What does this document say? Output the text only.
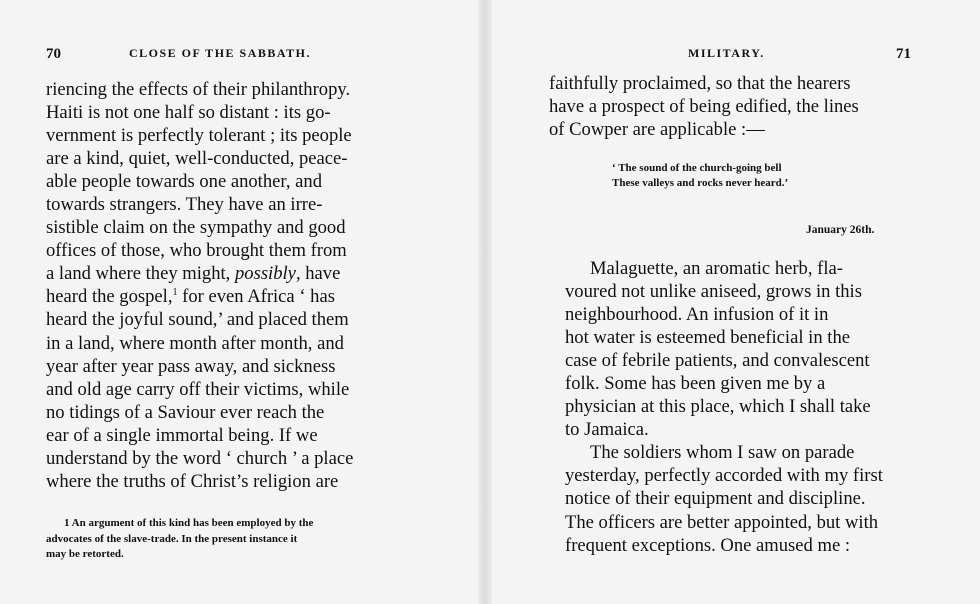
70	CLOSE OF THE SABBATH.
riencing the effects of their philanthropy.
Haiti is not one half so distant : its go-
vernment is perfectly tolerant ; its people
are a kind, quiet, well-conducted, peace-
able people towards one another, and
towards strangers. They have an irre-
sistible claim on the sympathy and good
offices of those, who brought them from
a land where they might, possibly, have
heard the gospel,$^1$ for even Africa ‘ has
heard the joyful sound,’ and placed them
in a land, where month after month, and
year after year pass away, and sickness
and old age carry off their victims, while
no tidings of a Saviour ever reach the
ear of a single immortal being. If we
understand by the word ‘ church ’ a place
where the truths of Christ’s religion are
1 An argument of this kind has been employed by the
advocates of the slave-trade. In the present instance it
may be retorted.
MILITARY.	71
faithfully proclaimed, so that the hearers
have a prospect of being edified, the lines
of Cowper are applicable :—
‘ The sound of the church-going bell
These valleys and rocks never heard.’
January 26th.
Malaguette, an aromatic herb, fla-
voured not unlike aniseed, grows in this
neighbourhood. An infusion of it in
hot water is esteemed beneficial in the
case of febrile patients, and convalescent
folk. Some has been given me by a
physician at this place, which I shall take
to Jamaica.
The soldiers whom I saw on parade
yesterday, perfectly accorded with my first
notice of their equipment and discipline.
The officers are better appointed, but with
frequent exceptions. One amused me :
